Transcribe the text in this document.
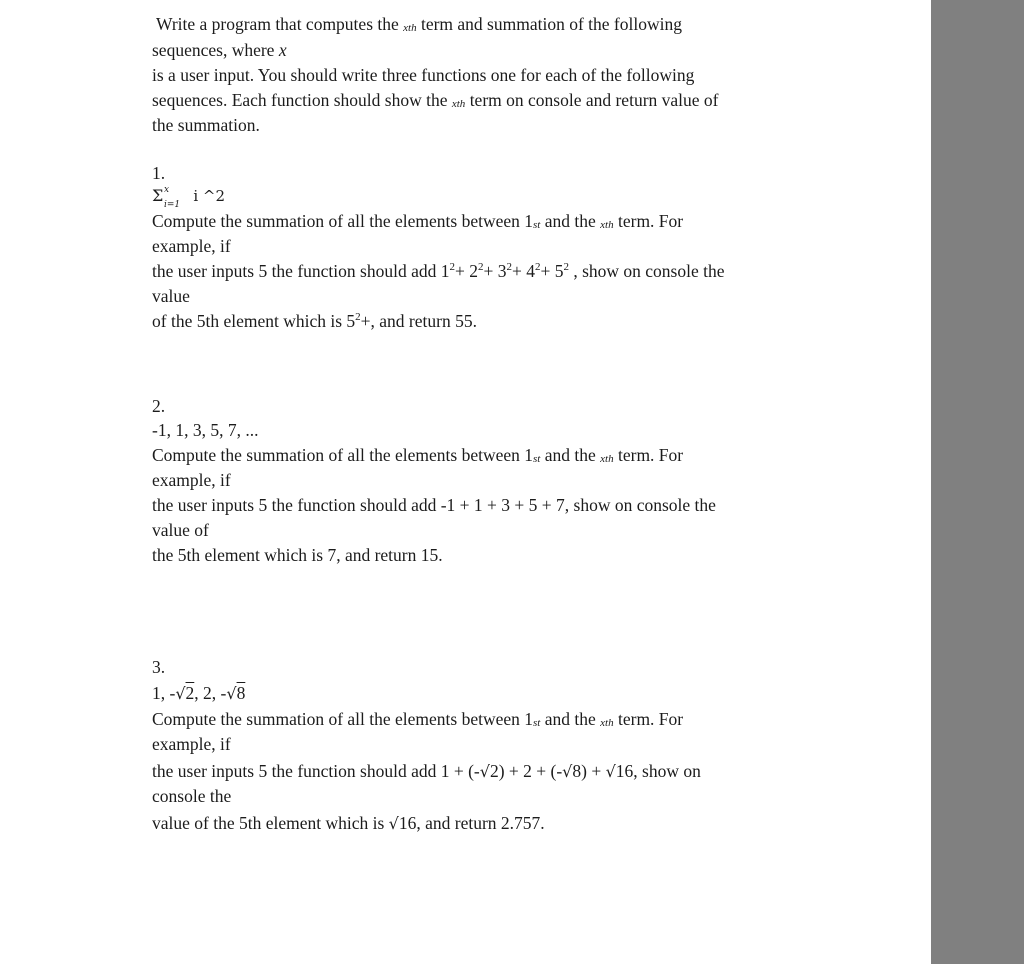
Write a program that computes the xth term and summation of the following
sequences, where x
is a user input. You should write three functions one for each of the following
sequences. Each function should show the xth term on console and return value of
the summation.
1.
Σ x
i=1 i ^2
Compute the summation of all the elements between 1st and the xth term. For
example, if
the user inputs 5 the function should add $1^2+ 2^2+ 3^2+ 4^2+ 5^2$ , show on console the
value
of the 5th element which is $5^2+$, and return 55.
2.
-1, 1, 3, 5, 7, ...
Compute the summation of all the elements between 1st and the xth term. For
example, if
the user inputs 5 the function should add -1 + 1 + 3 + 5 + 7, show on console the
value of
the 5th element which is 7, and return 15.
3.
1, -√2, 2, -√8
Compute the summation of all the elements between 1st and the xth term. For
example, if
the user inputs 5 the function should add 1 + (-√2) + 2 + (-√8) + √16, show on
console the
value of the 5th element which is √16, and return 2.757.
